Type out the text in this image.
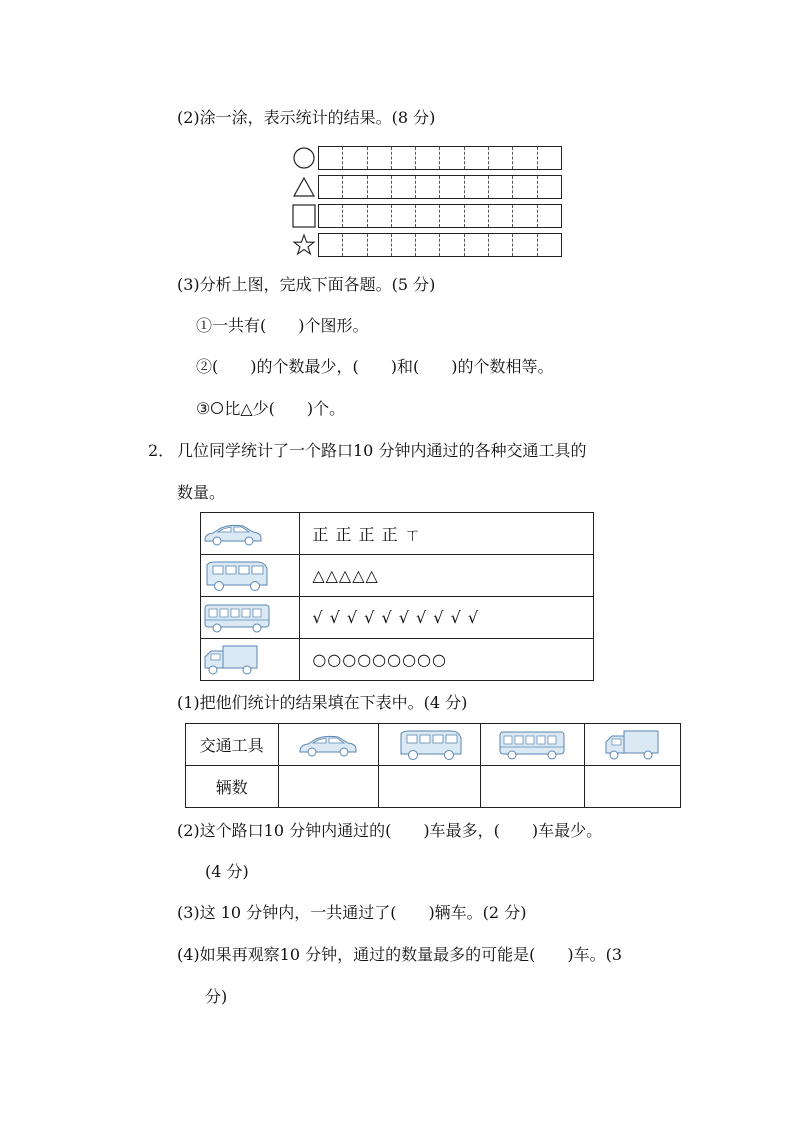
(2)涂一涂，表示统计的结果。(8 分)
(3)分析上图，完成下面各题。(5 分)
①一共有(　　)个图形。
②(　　)的个数最少，(　　)和(　　)的个数相等。
③ 比△少(　　)个。
2． 几位同学统计了一个路口10 分钟内通过的各种交通工具的
数量。
	正 正 正 正 ㄒ

	△△△△△

	√ √ √ √ √ √ √ √ √ √

	○○○○○○○○○
(1)把他们统计的结果填在下表中。(4 分)
交通工具	

辆数				
(2)这个路口10 分钟内通过的(　　)车最多，(　　)车最少。
(4 分)
(3)这 10 分钟内，一共通过了(　　)辆车。(2 分)
(4)如果再观察10 分钟，通过的数量最多的可能是(　　)车。(3
分)
